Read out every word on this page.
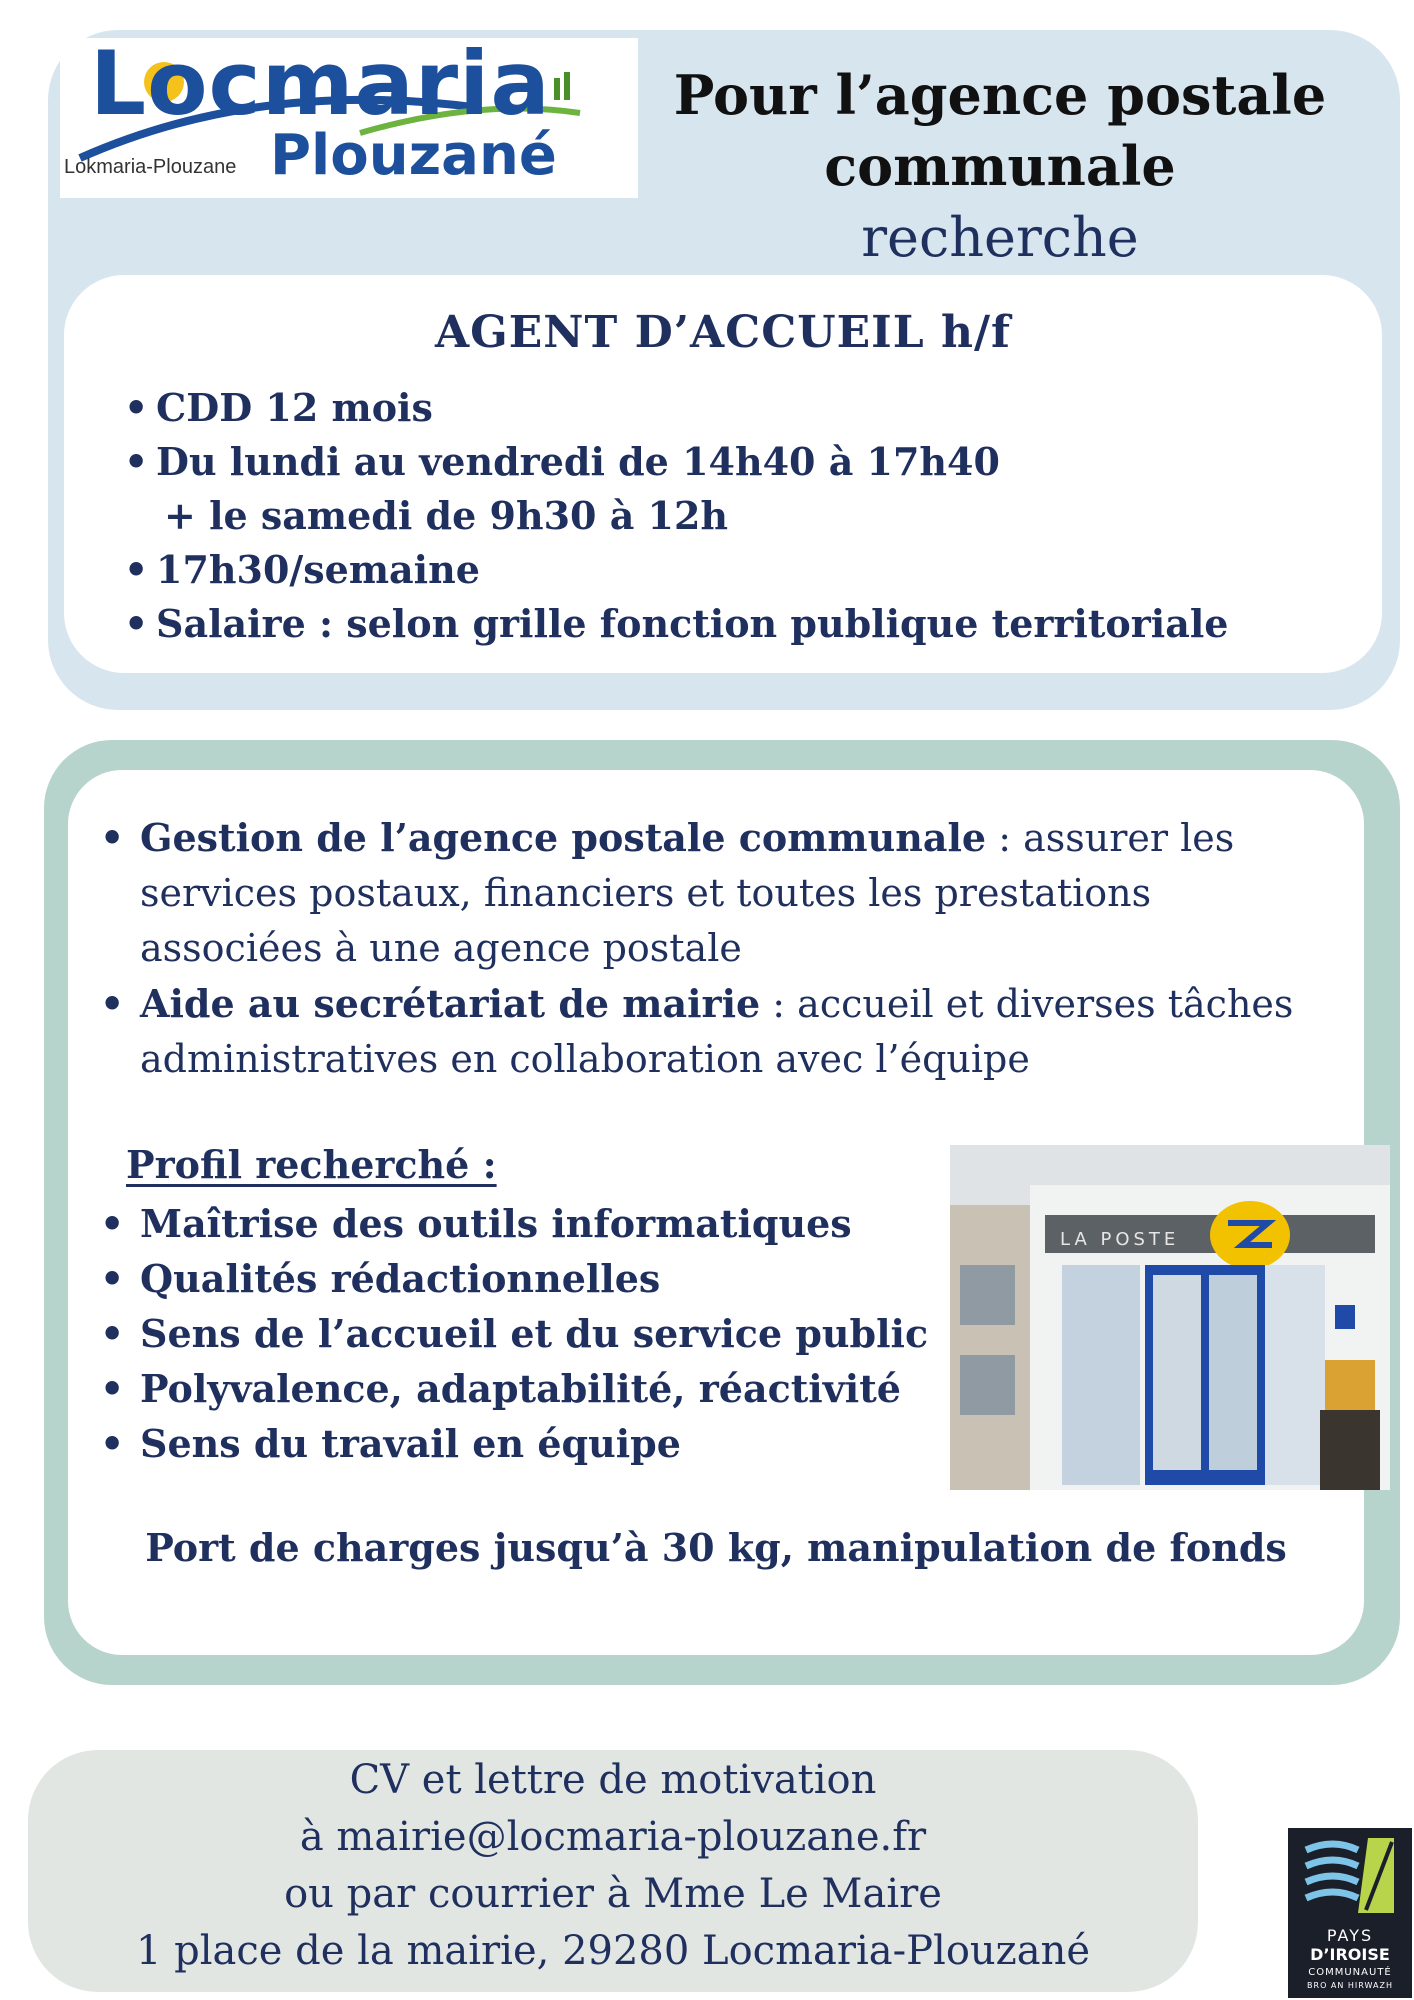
Locmaria
Plouzané
Lokmaria-Plouzane
Pour l’agence postale
communale
recherche
AGENT D’ACCUEIL h/f
• CDD 12 mois
• Du lundi au vendredi de 14h40 à 17h40
+ le samedi de 9h30 à 12h
• 17h30/semaine
• Salaire : selon grille fonction publique territoriale
• Gestion de l’agence postale communale : assurer les
services postaux, financiers et toutes les prestations
associées à une agence postale
• Aide au secrétariat de mairie : accueil et diverses tâches
administratives en collaboration avec l’équipe
Profil recherché :
• Maîtrise des outils informatiques
• Qualités rédactionnelles
• Sens de l’accueil et du service public
• Polyvalence, adaptabilité, réactivité
• Sens du travail en équipe
Port de charges jusqu’à 30 kg, manipulation de fonds
LA POSTE
CV et lettre de motivation
à mairie@locmaria-plouzane.fr
ou par courrier à Mme Le Maire
1 place de la mairie, 29280 Locmaria-Plouzané	PAYS
D’IROISE
COMMUNAUTÉ
BRO AN HIRWAZH
